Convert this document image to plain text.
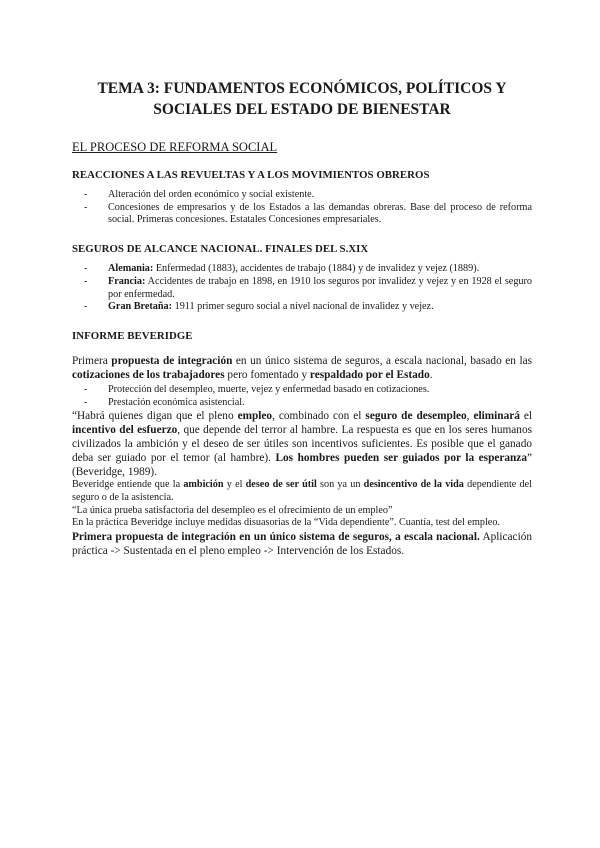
TEMA 3: FUNDAMENTOS ECONÓMICOS, POLÍTICOS Y
SOCIALES DEL ESTADO DE BIENESTAR
EL PROCESO DE REFORMA SOCIAL
REACCIONES A LAS REVUELTAS Y A LOS MOVIMIENTOS OBREROS
- Alteración del orden económico y social existente.
- Concesiones de empresarios y de los Estados a las demandas obreras. Base del proceso de reforma social. Primeras concesiones. Estatales Concesiones empresariales.
SEGUROS DE ALCANCE NACIONAL. FINALES DEL S.XIX
- Alemania: Enfermedad (1883), accidentes de trabajo (1884) y de invalidez y vejez (1889).
- Francia: Accidentes de trabajo en 1898, en 1910 los seguros por invalidez y vejez y en 1928 el seguro por enfermedad.
- Gran Bretaña: 1911 primer seguro social a nivel nacional de invalidez y vejez.
INFORME BEVERIDGE

Primera propuesta de integración en un único sistema de seguros, a escala nacional, basado en las cotizaciones de los trabajadores pero fomentado y respaldado por el Estado.

- Protección del desempleo, muerte, vejez y enfermedad basado en cotizaciones.
- Prestación económica asistencial.

“Habrá quienes digan que el pleno empleo, combinado con el seguro de desempleo, eliminará el incentivo del esfuerzo, que depende del terror al hambre. La respuesta es que en los seres humanos civilizados la ambición y el deseo de ser útiles son incentivos suficientes. Es posible que el ganado deba ser guiado por el temor (al hambre). Los hombres pueden ser guiados por la esperanza” (Beveridge, 1989).

Beveridge entiende que la ambición y el deseo de ser útil son ya un desincentivo de la vida dependiente del seguro o de la asistencia.

“La única prueba satisfactoria del desempleo es el ofrecimiento de un empleo”

En la práctica Beveridge incluye medidas disuasorias de la “Vida dependiente”. Cuantía, test del empleo.

Primera propuesta de integración en un único sistema de seguros, a escala nacional. Aplicación práctica -> Sustentada en el pleno empleo -> Intervención de los Estados.
